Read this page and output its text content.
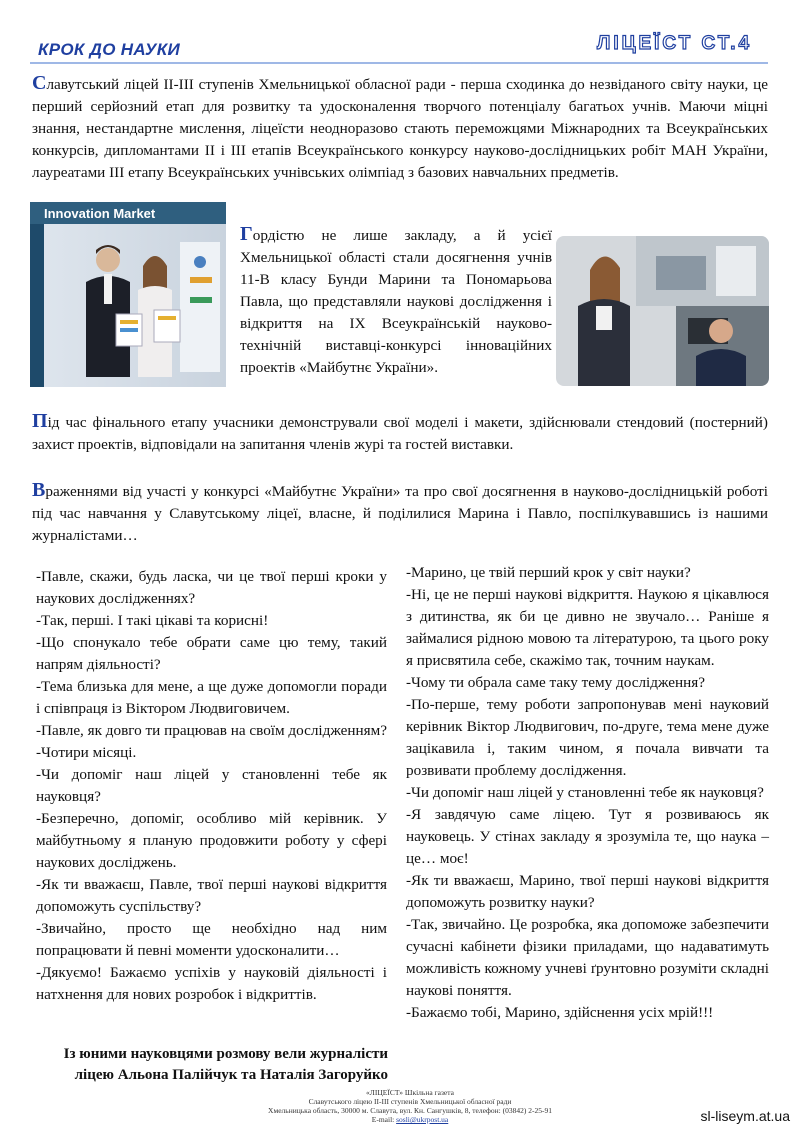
КРОК ДО НАУКИ	ЛІЦЕЇСТ СТ.4
Славутський ліцей ІІ-ІІІ ступенів Хмельницької обласної ради - перша сходинка до незвіданого світу науки, це перший серйозний етап для розвитку та удосконалення творчого потенціалу багатьох учнів. Маючи міцні знання, нестандартне мислення, ліцеїсти неодноразово стають переможцями Міжнародних та Всеукраїнських конкурсів, дипломантами ІІ і ІІІ етапів Всеукраїнського конкурсу науково-дослідницьких робіт МАН України, лауреатами ІІІ етапу Всеукраїнських учнівських олімпіад з базових навчальних предметів.
Innovation Market
Гордістю не лише закладу, а й усієї Хмельницької області стали досягнення учнів 11-В класу Бунди Марини та Пономарьова Павла, що представляли наукові дослідження і відкриття на ІХ Всеукраїнській науково-технічній виставці-конкурсі інноваційних проектів «Майбутнє України».
Під час фінального етапу учасники демонстрували свої моделі і макети, здійснювали стендовий (постерний) захист проектів, відповідали на запитання членів журі та гостей виставки.
Враженнями від участі у конкурсі «Майбутнє України» та про свої досягнення в науково-дослідницькій роботі під час навчання у Славутському ліцеї, власне, й поділилися Марина і Павло, поспілкувавшись із нашими журналістами…

-Павле, скажи, будь ласка, чи це твої перші кроки у наукових дослідженнях?

-Так, перші. І такі цікаві та корисні!

-Що спонукало тебе обрати саме цю тему, такий напрям діяльності?

-Тема близька для мене, а ще дуже допомогли поради і співпраця із Віктором Людвиговичем.

-Павле, як довго ти працював на своїм дослідженням?

-Чотири місяці.

-Чи допоміг наш ліцей у становленні тебе як науковця?

-Безперечно, допоміг, особливо мій керівник. У майбутньому я планую продовжити роботу у сфері наукових досліджень.

-Як ти вважаєш, Павле, твої перші наукові відкриття допоможуть суспільству?

-Звичайно, просто ще необхідно над ним попрацювати й певні моменти удосконалити…

-Дякуємо! Бажаємо успіхів у науковій діяльності і натхнення для нових розробок і відкриттів.

-Марино, це твій перший крок у світ науки?

-Ні, це не перші наукові відкриття. Наукою я цікавлюся з дитинства, як би це дивно не звучало… Раніше я займалися рідною мовою та літературою, та цього року я присвятила себе, скажімо так, точним наукам.

-Чому ти обрала саме таку тему дослідження?

-По-перше, тему роботи запропонував мені науковий керівник Віктор Людвигович, по-друге, тема мене дуже зацікавила і, таким чином, я почала вивчати та розвивати проблему дослідження.

-Чи допоміг наш ліцей у становленні тебе як науковця?

-Я завдячую саме ліцею. Тут я розвиваюсь як науковець. У стінах закладу я зрозуміла те, що наука – це… моє!

-Як ти вважаєш, Марино, твої перші наукові відкриття допоможуть розвитку науки?

-Так, звичайно. Це розробка, яка допоможе забезпечити сучасні кабінети фізики приладами, що надаватимуть можливість кожному учневі ґрунтовно розуміти складні наукові поняття.

-Бажаємо тобі, Марино, здійснення усіх мрій!!!

Із юними науковцями розмову вели журналісти ліцею Альона Палійчук та Наталія Загоруйко
«ЛІЦЕЇСТ» Шкільна газета
Славутського ліцею ІІ-ІІІ ступенів Хмельницької обласної ради
Хмельницька область, 30000 м. Славута, вул. Кн. Сангушків, 8, телефон: (03842) 2-25-91
E-mail: sosli@ukrpost.ua	sl-liseym.at.ua
